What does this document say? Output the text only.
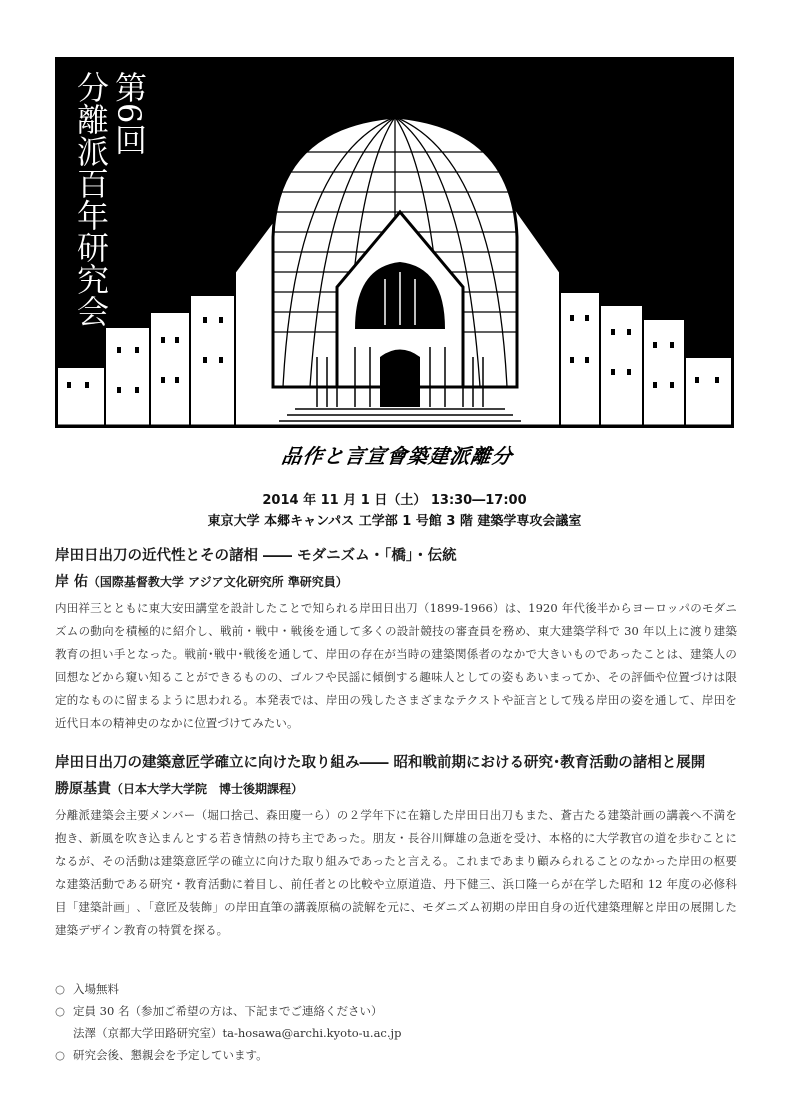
第6回
分離派百年研究会
品作と言宣會築建派離分
2014 年 11 月 1 日（土） 13:30―17:00
東京大学 本郷キャンパス 工学部 1 号館 3 階 建築学専攻会議室
岸田日出刀の近代性とその諸相 ―― モダニズム・「橋」・伝統
岸 佑（国際基督教大学 アジア文化研究所 準研究員）
内田祥三とともに東大安田講堂を設計したことで知られる岸田日出刀（1899-1966）は、1920 年代後半からヨーロッパのモダニズムの動向を積極的に紹介し、戦前・戦中・戦後を通して多くの設計競技の審査員を務め、東大建築学科で 30 年以上に渡り建築教育の担い手となった。戦前･戦中･戦後を通して、岸田の存在が当時の建築関係者のなかで大きいものであったことは、建築人の回想などから窺い知ることができるものの、ゴルフや民謡に傾倒する趣味人としての姿もあいまってか、その評価や位置づけは限定的なものに留まるように思われる。本発表では、岸田の残したさまざまなテクストや証言として残る岸田の姿を通して、岸田を近代日本の精神史のなかに位置づけてみたい。
岸田日出刀の建築意匠学確立に向けた取り組み―― 昭和戦前期における研究･教育活動の諸相と展開
勝原基貴（日本大学大学院　博士後期課程）
分離派建築会主要メンバー（堀口捨己、森田慶一ら）の２学年下に在籍した岸田日出刀もまた、蒼古たる建築計画の講義へ不満を抱き、新風を吹き込まんとする若き情熱の持ち主であった。朋友・長谷川輝雄の急逝を受け、本格的に大学教官の道を歩むことになるが、その活動は建築意匠学の確立に向けた取り組みであったと言える。これまであまり顧みられることのなかった岸田の枢要な建築活動である研究・教育活動に着目し、前任者との比較や立原道造、丹下健三、浜口隆一らが在学した昭和 12 年度の必修科目「建築計画」､「意匠及装飾」の岸田直筆の講義原稿の読解を元に、モダニズム初期の岸田自身の近代建築理解と岸田の展開した建築デザイン教育の特質を探る。
○ 入場無料
○ 定員 30 名（参加ご希望の方は、下記までご連絡ください）
法澤（京都大学田路研究室）ta-hosawa@archi.kyoto-u.ac.jp
○ 研究会後、懇親会を予定しています。
